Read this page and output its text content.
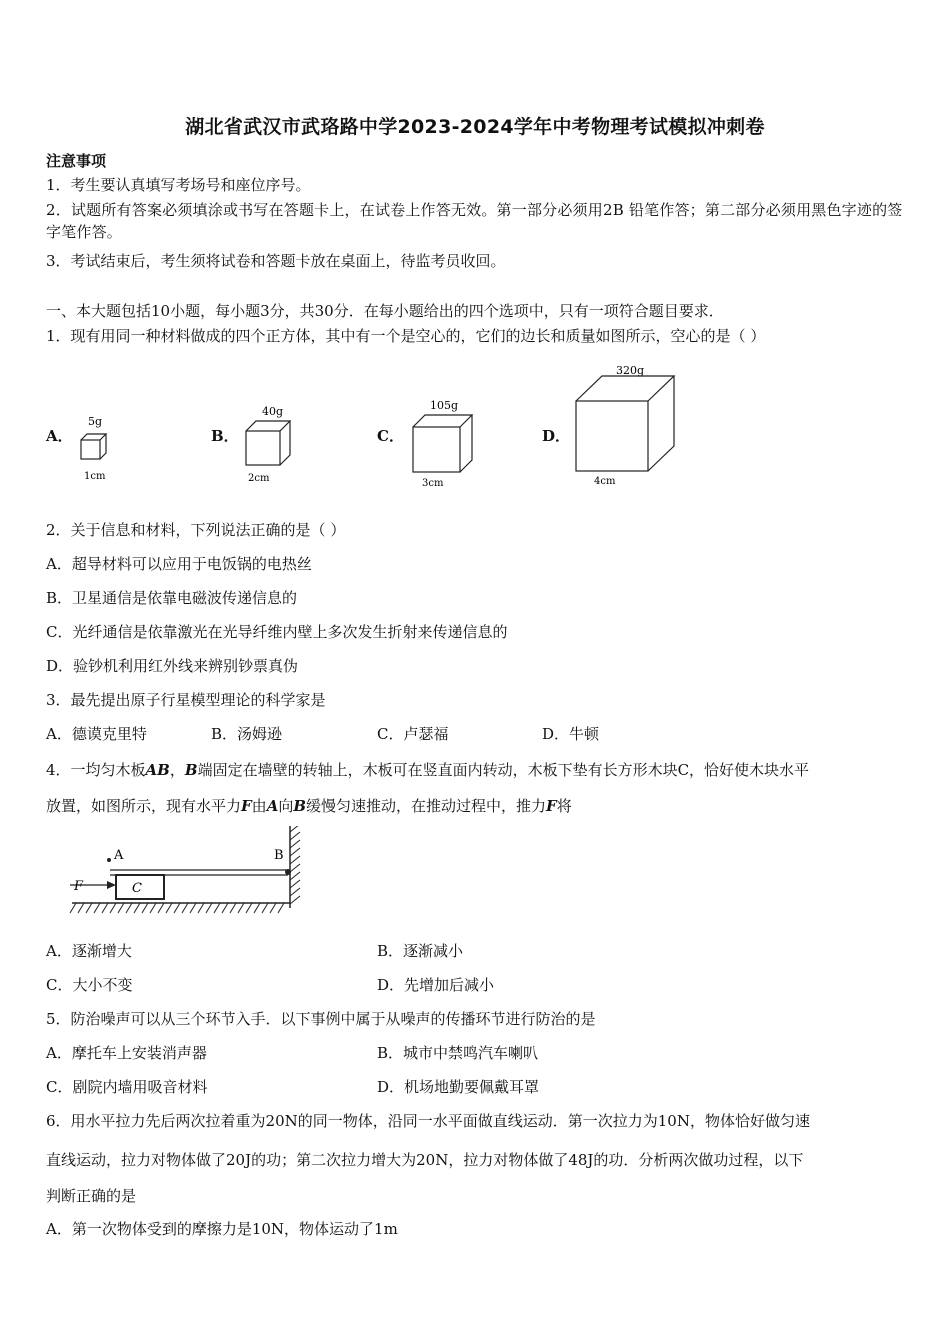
湖北省武汉市武珞路中学2023-2024学年中考物理考试模拟冲刺卷
注意事项
1．考生要认真填写考场号和座位序号。
2．试题所有答案必须填涂或书写在答题卡上，在试卷上作答无效。第一部分必须用2B 铅笔作答；第二部分必须用黑色字迹的签字笔作答。
3．考试结束后，考生须将试卷和答题卡放在桌面上，待监考员收回。
一、本大题包括10小题，每小题3分，共30分．在每小题给出的四个选项中，只有一项符合题目要求．
1．现有用同一种材料做成的四个正方体，其中有一个是空心的，它们的边长和质量如图所示，空心的是（ ）
A．	B．	C．	D．
5g
1cm
40g
2cm
105g
3cm
320g
4cm
2．关于信息和材料，下列说法正确的是（ ）
A．超导材料可以应用于电饭锅的电热丝
B．卫星通信是依靠电磁波传递信息的
C．光纤通信是依靠激光在光导纤维内壁上多次发生折射来传递信息的
D．验钞机利用红外线来辨别钞票真伪
3．最先提出原子行星模型理论的科学家是
A．德谟克里特	B．汤姆逊	C．卢瑟福	D．牛顿
4．一均匀木板AB，B端固定在墙壁的转轴上，木板可在竖直面内转动，木板下垫有长方形木块C，恰好使木块水平
放置，如图所示，现有水平力F由A向B缓慢匀速推动，在推动过程中，推力F将
A	B
C
F
A．逐渐增大	B．逐渐减小
C．大小不变	D．先增加后减小
5．防治噪声可以从三个环节入手．以下事例中属于从噪声的传播环节进行防治的是
A．摩托车上安装消声器	B．城市中禁鸣汽车喇叭
C．剧院内墙用吸音材料	D．机场地勤要佩戴耳罩
6．用水平拉力先后两次拉着重为20N的同一物体，沿同一水平面做直线运动．第一次拉力为10N，物体恰好做匀速
直线运动，拉力对物体做了20J的功；第二次拉力增大为20N，拉力对物体做了48J的功．分析两次做功过程，以下
判断正确的是
A．第一次物体受到的摩擦力是10N，物体运动了1m
